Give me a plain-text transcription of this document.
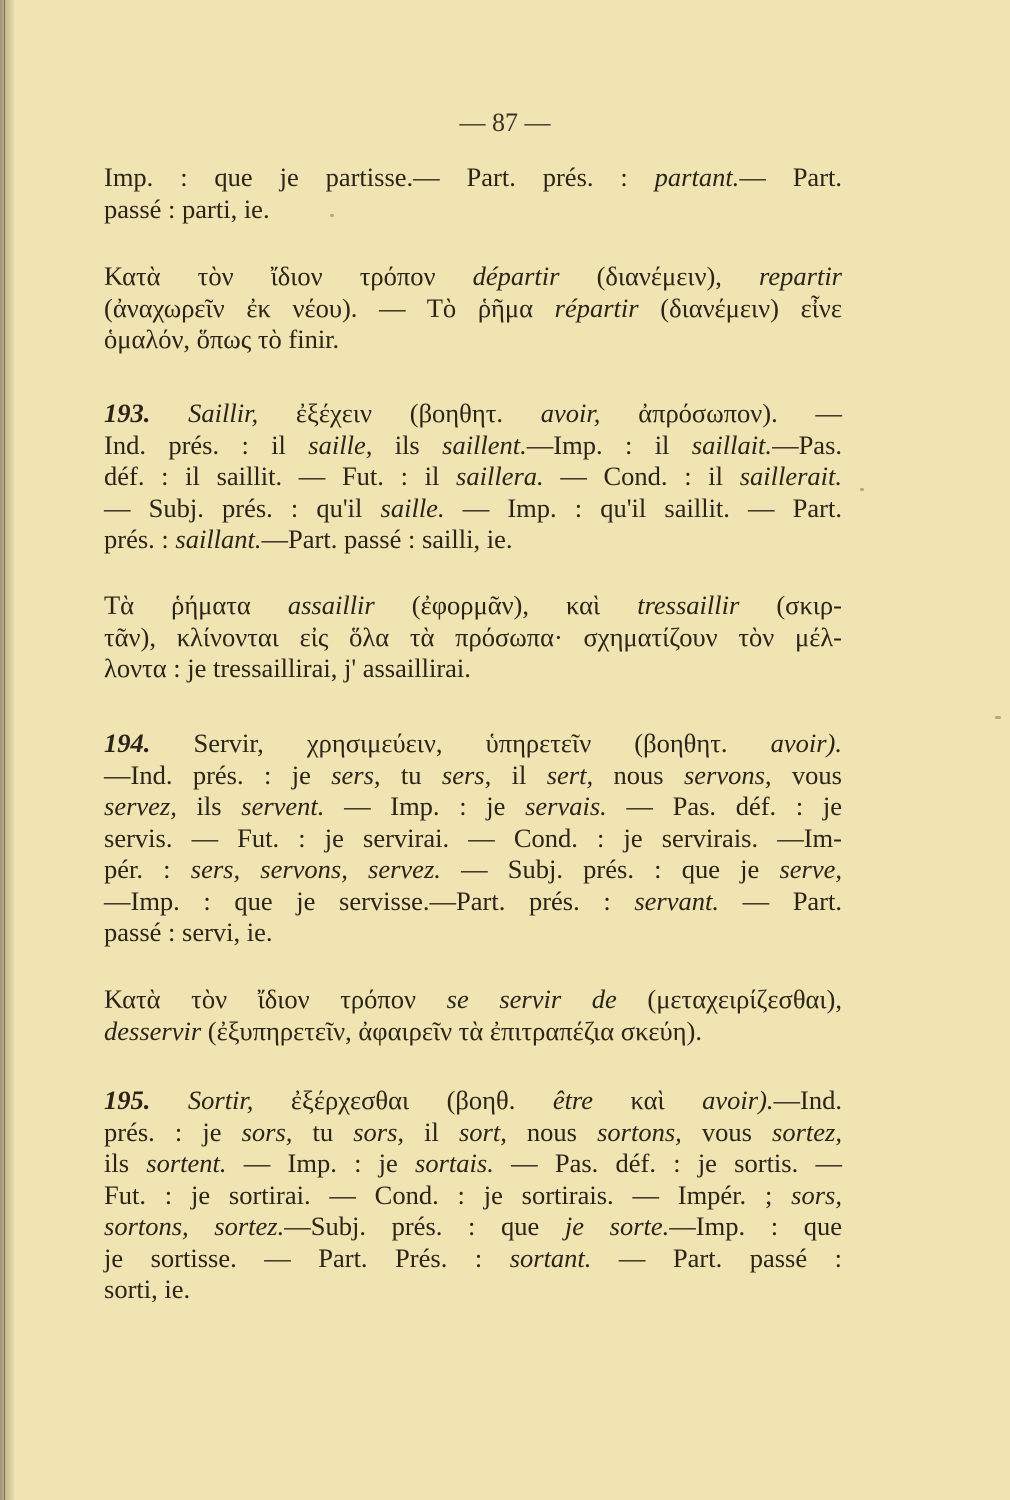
— 87 —
Imp. : que je partisse.— Part. prés. : partant.— Part.
passé : parti, ie.
Κατὰ τὸν ἴδιον τρόπον départir (διανέμειν), repartir
(ἀναχωρεῖν ἐκ νέου). — Τὸ ῥῆμα répartir (διανέμειν) εἶνε
ὁμαλόν, ὅπως τὸ finir.
193. Saillir, ἐξέχειν (βοηθητ. avoir, ἀπρόσωπον). —
Ind. prés. : il saille, ils saillent.—Imp. : il saillait.—Pas.
déf. : il saillit. — Fut. : il saillera. — Cond. : il saillerait.
— Subj. prés. : qu'il saille. — Imp. : qu'il saillit. — Part.
prés. : saillant.—Part. passé : sailli, ie.
Τὰ ῥήματα assaillir (ἐφορμᾶν), καὶ tressaillir (σκιρ-
τᾶν), κλίνονται εἰς ὅλα τὰ πρόσωπα· σχηματίζουν τὸν μέλ-
λοντα : je tressaillirai, j' assaillirai.
194. Servir, χρησιμεύειν, ὑπηρετεῖν (βοηθητ. avoir).
—Ind. prés. : je sers, tu sers, il sert, nous servons, vous
servez, ils servent. — Imp. : je servais. — Pas. déf. : je
servis. — Fut. : je servirai. — Cond. : je servirais. —Im-
pér. : sers, servons, servez. — Subj. prés. : que je serve,
—Imp. : que je servisse.—Part. prés. : servant. — Part.
passé : servi, ie.
Κατὰ τὸν ἴδιον τρόπον se servir de (μεταχειρίζεσθαι),
desservir (ἐξυπηρετεῖν, ἀφαιρεῖν τὰ ἐπιτραπέζια σκεύη).
195. Sortir, ἐξέρχεσθαι (βοηθ. être καὶ avoir).—Ind.
prés. : je sors, tu sors, il sort, nous sortons, vous sortez,
ils sortent. — Imp. : je sortais. — Pas. déf. : je sortis. —
Fut. : je sortirai. — Cond. : je sortirais. — Impér. ; sors,
sortons, sortez.—Subj. prés. : que je sorte.—Imp. : que
je sortisse. — Part. Prés. : sortant. — Part. passé :
sorti, ie.
